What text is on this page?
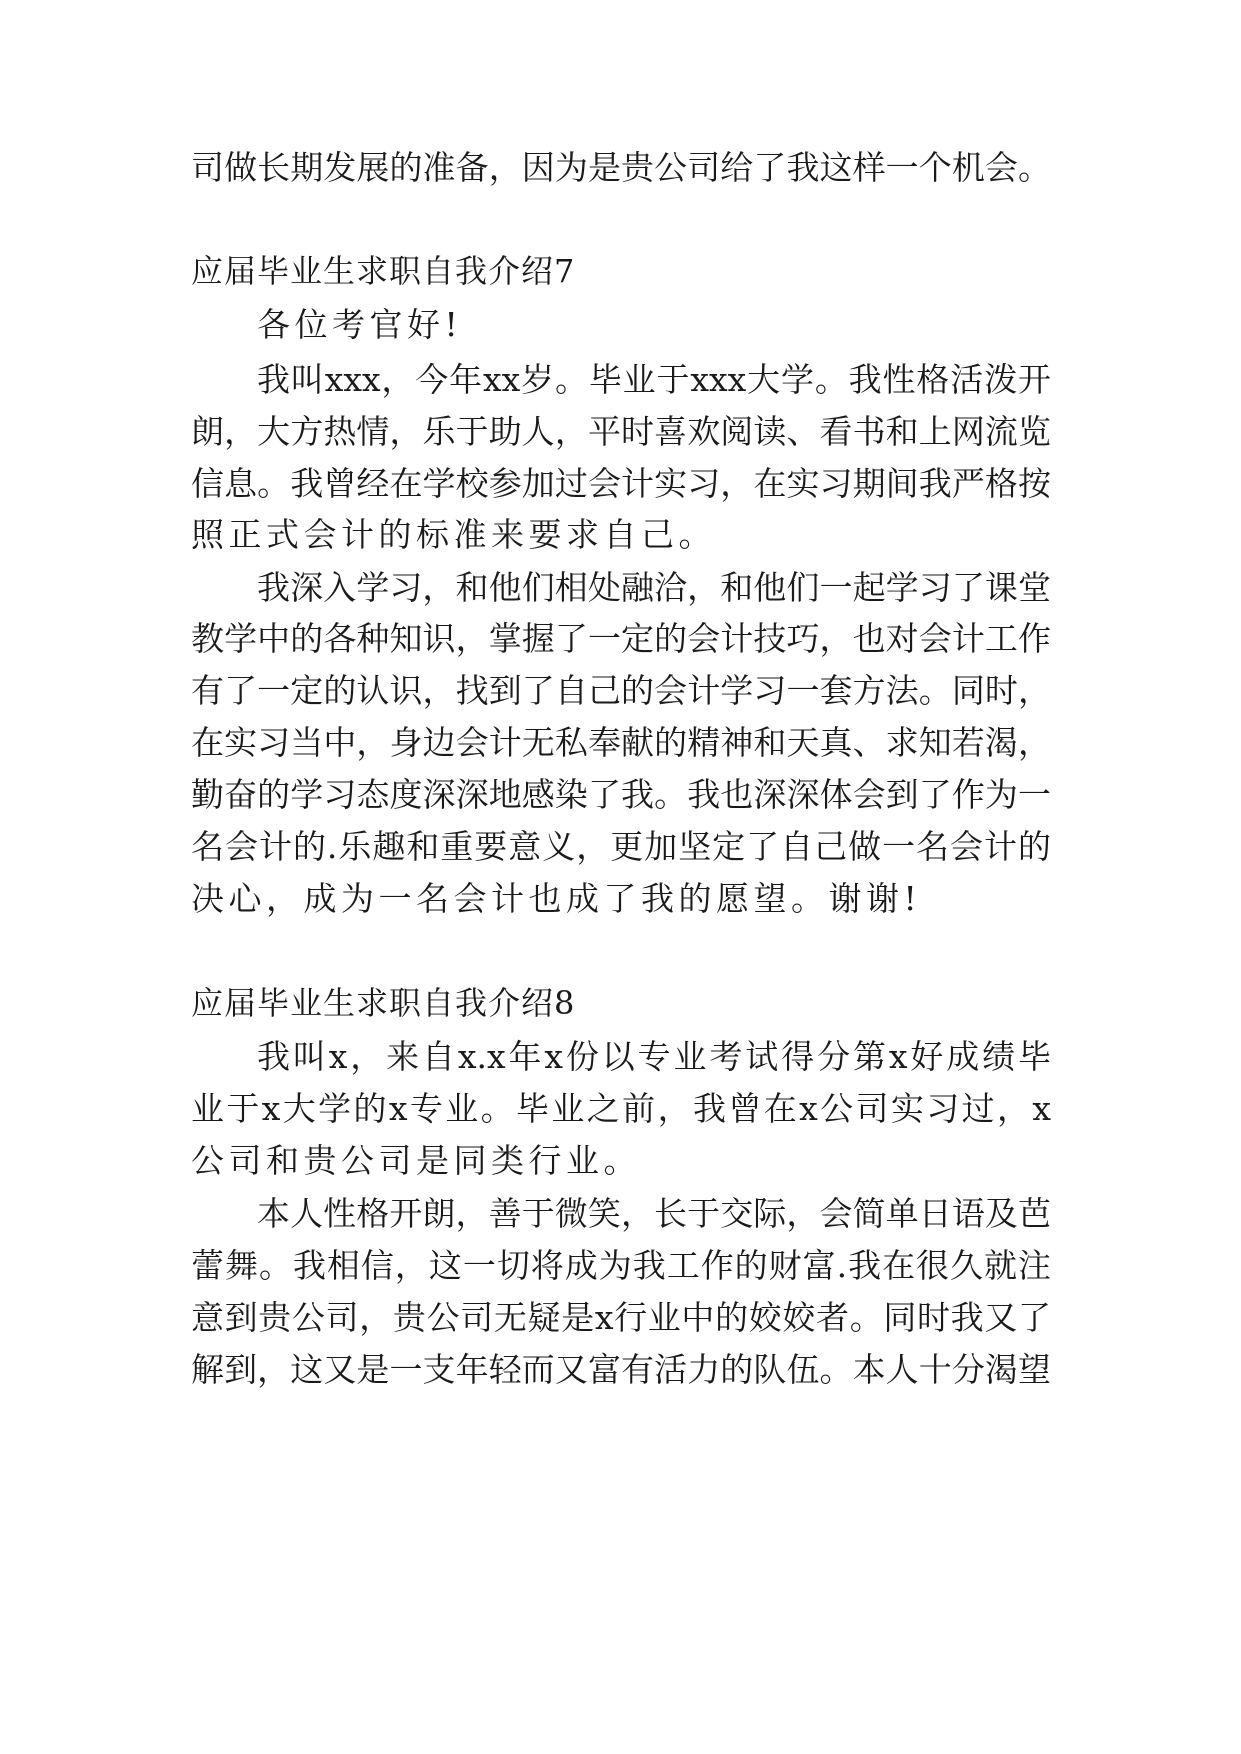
司做长期发展的准备，因为是贵公司给了我这样一个机会。
应届毕业生求职自我介绍7
各位考官好!
我叫xxx，今年xx岁。毕业于xxx大学。我性格活泼开
朗，大方热情，乐于助人，平时喜欢阅读、看书和上网流览
信息。我曾经在学校参加过会计实习，在实习期间我严格按
照正式会计的标准来要求自己。
我深入学习，和他们相处融洽，和他们一起学习了课堂
教学中的各种知识，掌握了一定的会计技巧，也对会计工作
有了一定的认识，找到了自己的会计学习一套方法。同时，
在实习当中，身边会计无私奉献的精神和天真、求知若渴，
勤奋的学习态度深深地感染了我。我也深深体会到了作为一
名会计的.乐趣和重要意义，更加坚定了自己做一名会计的
决心，成为一名会计也成了我的愿望。谢谢!
应届毕业生求职自我介绍8
我叫x，来自x.x年x份以专业考试得分第x好成绩毕
业于x大学的x专业。毕业之前，我曾在x公司实习过，x
公司和贵公司是同类行业。
本人性格开朗，善于微笑，长于交际，会简单日语及芭
蕾舞。我相信，这一切将成为我工作的财富.我在很久就注
意到贵公司，贵公司无疑是x行业中的姣姣者。同时我又了
解到，这又是一支年轻而又富有活力的队伍。本人十分渴望
